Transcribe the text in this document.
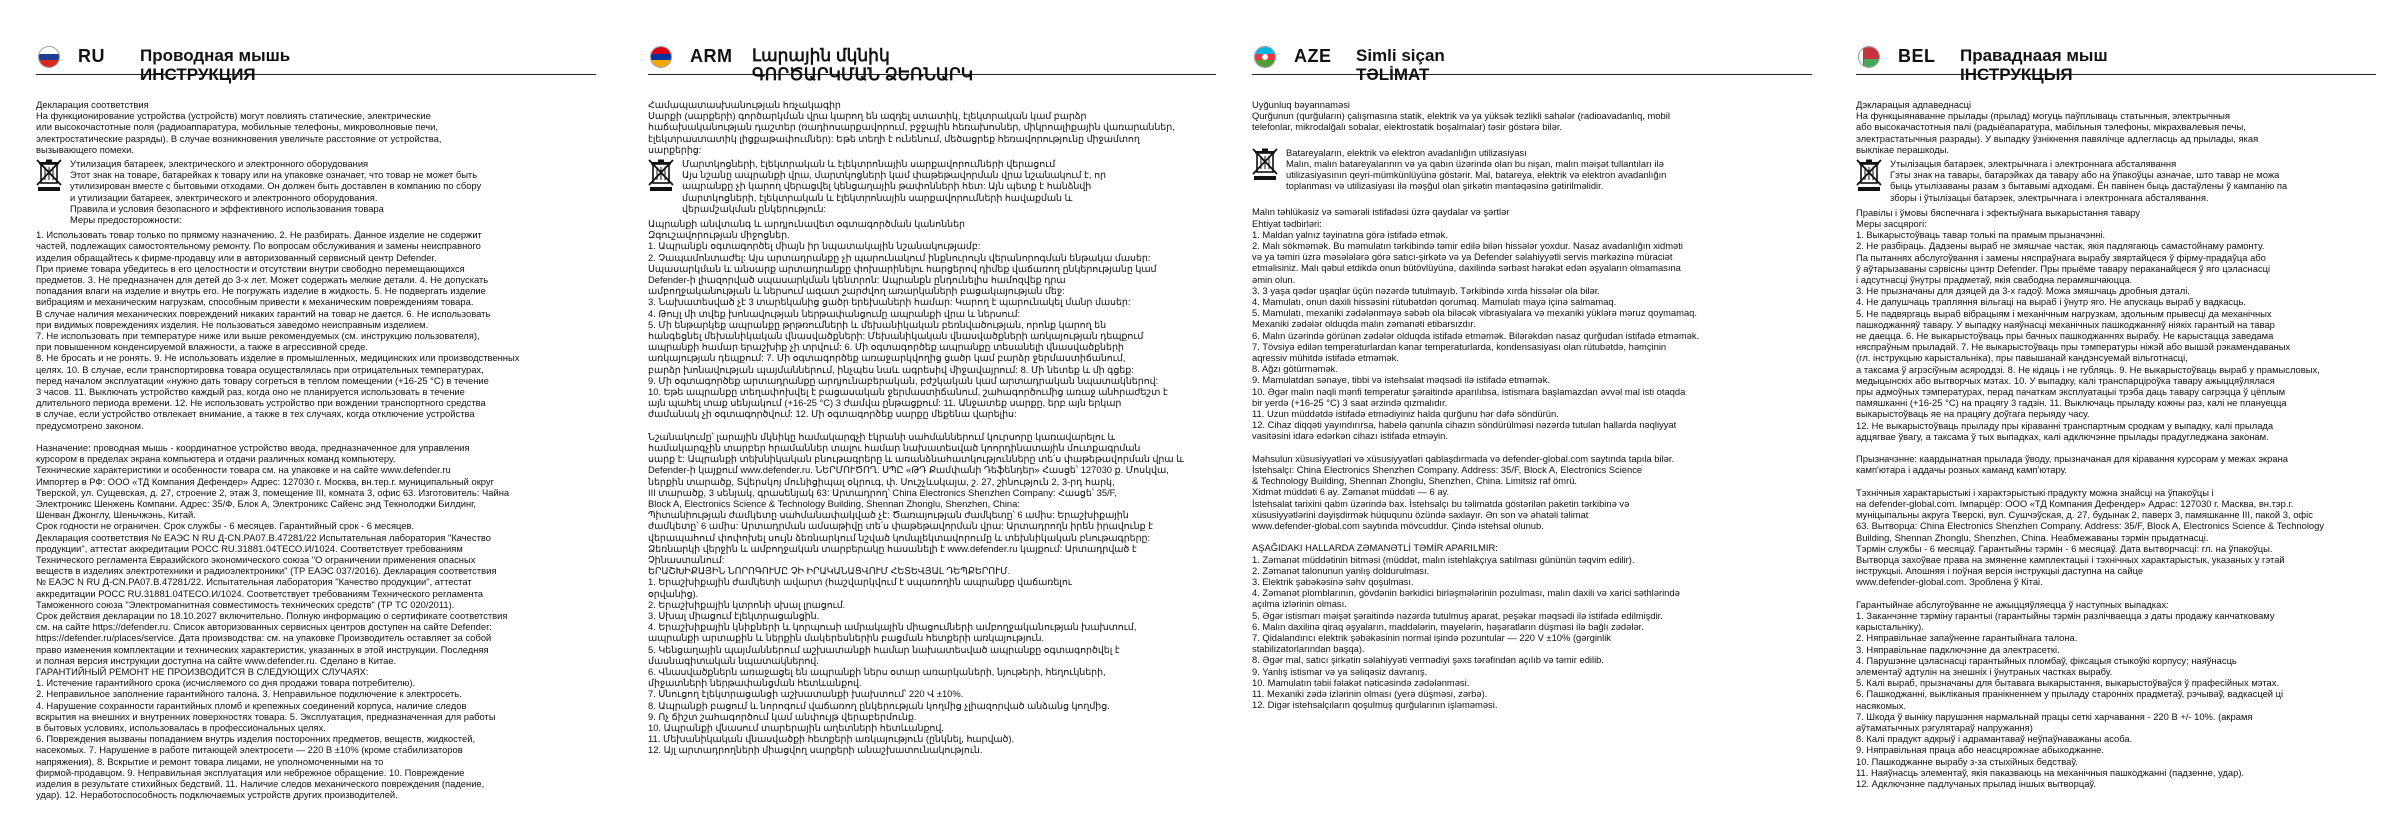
RU Проводная мышь
ИНСТРУКЦИЯ

Декларация соответствия

На функционирование устройства (устройств) могут повлиять статические, электрические

или высокочастотные поля (радиоаппаратура, мобильные телефоны, микроволновые печи,

электростатические разряды). В случае возникновения увеличьте расстояние от устройства,

вызывающего помехи.

Утилизация батареек, электрического и электронного оборудования

Этот знак на товаре, батарейках к товару или на упаковке означает, что товар не может быть

утилизирован вместе с бытовыми отходами. Он должен быть доставлен в компанию по сбору

и утилизации батареек, электрического и электронного оборудования.

Правила и условия безопасного и эффективного использования товара

Меры предосторожности:

1. Использовать товар только по прямому назначению. 2. Не разбирать. Данное изделие не содержит

частей, подлежащих самостоятельному ремонту. По вопросам обслуживания и замены неисправного

изделия обращайтесь к фирме-продавцу или в авторизованный сервисный центр Defender.

При приеме товара убедитесь в его целостности и отсутствии внутри свободно перемещающихся

предметов. 3. Не предназначен для детей до 3-х лет. Может содержать мелкие детали. 4. Не допускать

попадания влаги на изделие и внутрь его. Не погружать изделие в жидкость. 5. Не подвергать изделие

вибрациям и механическим нагрузкам, способным привести к механическим повреждениям товара.

В случае наличия механических повреждений никаких гарантий на товар не дается. 6. Не использовать

при видимых повреждениях изделия. Не пользоваться заведомо неисправным изделием.

7. Не использовать при температуре ниже или выше рекомендуемых (см. инструкцию пользователя),

при повышенном конденсируемой влажности, а также в агрессивной среде.

8. Не бросать и не ронять. 9. Не использовать изделие в промышленных, медицинских или производственных

целях. 10. В случае, если транспортировка товара осуществлялась при отрицательных температурах,

перед началом эксплуатации «нужно дать товару согреться в теплом помещении (+16-25 °С) в течение

3 часов. 11. Выключать устройство каждый раз, когда оно не планируется использовать в течение

длительного периода времени. 12. Не использовать устройство при вождении транспортного средства

в случае, если устройство отвлекает внимание, а также в тех случаях, когда отключение устройства

предусмотрено законом.

Назначение: проводная мышь - координатное устройство ввода, предназначенное для управления

курсором в пределах экрана компьютера и отдачи различных команд компьютеру.

Технические характеристики и особенности товара см. на упаковке и на сайте www.defender.ru

Импортер в РФ: ООО «ТД Компания Дефендер» Адрес: 127030 г. Москва, вн.тер.г. муниципальный округ

Тверской, ул. Сущевская, д. 27, строение 2, этаж 3, помещение III, комната 3, офис 63. Изготовитель: Чайна

Электроникс Шенжень Компани. Адрес: 35/Ф, Блок А, Электроникс Сайенс энд Текнолоджи Билдинг,

Шенван Джонглу, Шеньчжэнь, Китай.

Срок годности не ограничен. Срок службы - 6 месяцев. Гарантийный срок - 6 месяцев.

Декларация соответствия № ЕАЭС N RU Д-CN.РА07.В.47281/22 Испытательная лаборатория "Качество

продукции", аттестат аккредитации РОСС RU.31881.04ТЕСО.И/1024. Соответствует требованиям

Технического регламента Евразийского экономического союза "О ограничении применения опасных

веществ в изделиях электротехники и радиоэлектроники" (ТР ЕАЭС 037/2016). Декларация соответствия

№ ЕАЭС N RU Д-CN.РА07.В.47281/22. Испытательная лаборатория "Качество продукции", аттестат

аккредитации РОСС RU.31881.04ТЕСО.И/1024. Соответствует требованиям Технического регламента

Таможенного союза "Электромагнитная совместимость технических средств" (ТР ТС 020/2011).

Срок действия декларации по 18.10.2027 включительно. Полную информацию о сертификате соответствия

см. на сайте https://defender.ru. Список авторизованных сервисных центров доступен на сайте Defender:

https://defender.ru/places/service. Дата производства: см. на упаковке Производитель оставляет за собой

право изменения комплектации и технических характеристик, указанных в этой инструкции. Последняя

и полная версия инструкции доступна на сайте www.defender.ru. Сделано в Китае.

ГАРАНТИЙНЫЙ РЕМОНТ НЕ ПРОИЗВОДИТСЯ В СЛЕДУЮЩИХ СЛУЧАЯХ:

1. Истечение гарантийного срока (исчисляемого со дня продажи товара потребителю).

2. Неправильное заполнение гарантийного талона. 3. Неправильное подключение к электросеть.

4. Нарушение сохранности гарантийных пломб и крепежных соединений корпуса, наличие следов

вскрытия на внешних и внутренних поверхностях товара. 5. Эксплуатация, предназначенная для работы

в бытовых условиях, использовалась в профессиональных целях.

6. Повреждения вызваны попаданием внутрь изделия посторонних предметов, веществ, жидкостей,

насекомых. 7. Нарушение в работе питающей электросети — 220 В ±10% (кроме стабилизаторов

напряжения). 8. Вскрытие и ремонт товара лицами, не уполномоченными на то

фирмой-продавцом. 9. Неправильная эксплуатация или небрежное обращение. 10. Повреждение

изделия в результате стихийных бедствий. 11. Наличие следов механического повреждения (падение,

удар). 12. Неработоспособность подключаемых устройств других производителей.

ARM Լարային մկնիկ
ԳՈՐԾԱՐԿՄԱՆ ՁԵՌՆԱՐԿ

Համապատասխանության հռչակագիր

Սարքի (սարքերի) գործարկման վրա կարող են ազդել ստատիկ, էլեկտրական կամ բարձր

հաճախականության դաշտեր (ռադիոսարքավորում, բջջային հեռախոսներ, միկրոալիքային վառարաններ,

էլեկտրաստատիկ լիցքաթափումներ): Եթե տեղի է ունենում, մեծացրեք հեռավորությունը միջամտող

սարքերից:

Մարտկոցների, էլեկտրական և էլեկտրոնային սարքավորումների վերացում

Այս նշանը ապրանքի վրա, մարտկոցների կամ փաթեթավորման վրա նշանակում է, որ

ապրանքը չի կարող վերացվել կենցաղային թափոնների հետ: Այն պետք է հանձնվի

մարտկոցների, էլեկտրական և էլեկտրոնային սարքավորումների հավաքման և

վերամշակման ընկերություն:

Ապրանքի անվտանգ և արդյունավետ օգտագործման կանոններ

Զգուշավորության միջոցներ.

1. Ապրանքն օգտագործել միայն իր նպատակային նշանակությամբ:

2. Չապամոնտաժել: Այս արտադրանքը չի պարունակում ինքնուրույն վերանորոգման ենթակա մասեր:

Սպասարկման և անսարք արտադրանքը փոխարինելու հարցերով դիմեք վաճառող ընկերությանը կամ

Defender-ի լիազորված սպասարկման կենտրոն: Ապրանքն ընդունելիս համոզվեք դրա

ամբողջականության և ներսում ազատ շարժվող առարկաների բացակայության մեջ:

3. Նախատեսված չէ 3 տարեկանից ցածր երեխաների համար: Կարող է պարունակել մանր մասեր:

4. Թույլ մի տվեք խոնավության ներթափանցումը ապրանքի վրա և ներսում:

5. Մի ենթարկեք ապրանքը թրթռումների և մեխանիկական բեռնվածության, որոնք կարող են

հանգեցնել մեխանիկական վնասվածքների: Մեխանիկական վնասվածքների առկայության դեպքում

ապրանքի համար երաշխիք չի տրվում: 6. Մի օգտագործեք ապրանքը տեսանելի վնասվածքների

առկայության դեպքում: 7. Մի օգտագործեք առաջարկվողից ցածր կամ բարձր ջերմաստիճանում,

բարձր խոնավության պայմաններում, ինչպես նաև ագրեսիվ միջավայրում: 8. Մի նետեք և մի գցեք:

9. Մի օգտագործեք արտադրանքը արդյունաբերական, բժշկական կամ արտադրական նպատակներով:

10. Եթե ապրանքը տեղափոխվել է բացասական ջերմաստիճանում, շահագործումից առաջ անհրաժեշտ է

այն պահել տաք սենյակում (+16-25 °C) 3 ժամվա ընթացքում: 11. Անջատեք սարքը, երբ այն երկար

ժամանակ չի օգտագործվում: 12. Մի օգտագործեք սարքը մեքենա վարելիս:

Նշանակումը՝ լարային մկնիկը համակարգչի էկրանի սահմաններում կուրսորը կառավարելու և

համակարգչին տարբեր հրամաններ տալու համար նախատեսված կոորդինատային մուտքագրման

սարք է: Ապրանքի տեխնիկական բնութագրերը և առանձնահատկությունները տե՛ս փաթեթավորման վրա և

Defender-ի կայքում www.defender.ru. ՆԵՐՄՈՒԾՈՂ. ՍՊԸ «ԹԴ Քամփանի Դեֆենդեր» Հասցե՝ 127030 ք. Մոսկվա,

ներքին տարածք, Տվերսկոյ մունիցիպալ օկրուգ, փ. Սուշչևսկայա, շ. 27, շինություն 2, 3-րդ հարկ,

III տարածք, 3 սենյակ, գրասենյակ 63: Արտադրող՝ China Electronics Shenzhen Company: Հասցե՝ 35/F,

Block A, Electronics Science & Technology Building, Shennan Zhonglu, Shenzhen, China:

Պիտանիության ժամկետը սահմանափակված չէ: Ծառայության ժամկետը՝ 6 ամիս: Երաշխիքային

ժամկետը՝ 6 ամիս: Արտադրման ամսաթիվը տե՛ս փաթեթավորման վրա: Արտադրողն իրեն իրավունք է

վերապահում փոփոխել սույն ձեռնարկում նշված կոմպլեկտավորումը և տեխնիկական բնութագրերը:

Ձեռնարկի վերջին և ամբողջական տարբերակը հասանելի է www.defender.ru կայքում: Արտադրված է

Չինաստանում:

ԵՐԱՇԽԻՔԱՅԻՆ ՆՈՐՈԳՈՒՄԸ ՉԻ ԻՐԱԿԱՆԱՑՎՈՒՄ ՀԵՏԵՎՅԱԼ ԴԵՊՔԵՐՈՒՄ.

1. Երաշխիքային ժամկետի ավարտ (հաշվարկվում է սպառողին ապրանքը վաճառելու

օրվանից).

2. Երաշխիքային կտրոնի սխալ լրացում.

3. Սխալ միացում էլեկտրացանցին.

4. Երաշխիքային կնիքների և կորպուսի ամրակային միացումների ամբողջականության խախտում,

ապրանքի արտաքին և ներքին մակերեսներին բացման հետքերի առկայություն.

5. Կենցաղային պայմաններում աշխատանքի համար նախատեսված ապրանքը օգտագործվել է

մասնագիտական նպատակներով.

6. Վնասվածքներն առաջացել են ապրանքի ներս օտար առարկաների, նյութերի, հեղուկների,

միջատների ներթափանցման հետևանքով.

7. Սնուցող էլեկտրացանցի աշխատանքի խախտում՝ 220 Վ ±10%.

8. Ապրանքի բացում և նորոգում վաճառող ընկերության կողմից չլիազորված անձանց կողմից.

9. Ոչ ճիշտ շահագործում կամ անփույթ վերաբերմունք.

10. Ապրանքի վնասում տարերային աղետների հետևանքով.

11. Մեխանիկական վնասվածքի հետքերի առկայություն (ընկնել, հարված).

12. Այլ արտադրողների միացվող սարքերի անաշխատունակություն.

AZE Simli siçan
TƏLİMAT

Uyğunluq bəyannaməsi

Qurğunun (qurğuların) çalışmasına statik, elektrik və ya yüksək tezlikli sahələr (radioavadanlıq, mobil

telefonlar, mikrodalğalı sobalar, elektrostatik boşalmalar) təsir göstərə bilər.

Batareyaların, elektrik və elektron avadanlığın utilizasiyası

Malın, malın batareyalarının və ya qabın üzərində olan bu nişan, malın məişət tullantıları ilə

utilizasiyasının qeyri-mümkünlüyünə göstərir. Mal, batareya, elektrik və elektron avadanlığın

toplanması və utilizasiyası ilə məşğul olan şirkətin məntəqəsinə gətirilməlidir.

Malın təhlükəsiz və səmərəli istifadəsi üzrə qaydalar və şərtlər

Ehtiyat tədbirləri:

1. Maldan yalnız təyinatına görə istifadə etmək.

2. Malı sökməmək. Bu məmulatın tərkibində təmir edilə bilən hissələr yoxdur. Nasaz avadanlığın xidməti

və ya təmiri üzrə məsələlərə görə satıcı-şirkətə və ya Defender səlahiyyətli servis mərkəzinə müraciət

etməlisiniz. Malı qəbul etdikdə onun bütövlüyünə, daxilində sərbəst hərəkət edən əşyaların olmamasına

əmin olun.

3. 3 yaşa qədər uşaqlar üçün nəzərdə tutulmayıb. Tərkibində xırda hissələr ola bilər.

4. Mamulatı, onun daxili hissəsini rütubətdən qorumaq. Mamulatı mayə içinə salmamaq.

5. Mamulatı, mexaniki zədələnməyə səbəb ola biləcək vibrasiyalara və mexaniki yüklərə məruz qoymamaq.

Mexaniki zədələr olduqda malın zəmanəti etibarsızdır.

6. Malın üzərində görünən zədələr olduqda istifadə etməmək. Bilərəkdən nasaz qurğudan istifadə etməmək.

7. Tövsiyə edilən temperaturlardan kənar temperaturlarda, kondensasiyası olan rütubətdə, həmçinin

aqressiv mühitdə istifadə etməmək.

8. Ağzı götürməmək.

9. Mamulatdan sənaye, tibbi və istehsalat məqsədi ilə istifadə etməmək.

10. Əgər malın nəqli mənfi temperatur şəraitində aparılıbsa, istismara başlamazdan əvvəl mal isti otaqda

bir yerdə (+16-25 °C) 3 saat ərzində qızmalıdır.

11. Uzun müddətdə istifadə etmədiyiniz halda qurğunu hər dəfə söndürün.

12. Cihaz diqqəti yayındırırsa, habelə qanunla cihazın söndürülməsi nəzərdə tutulan hallarda nəqliyyat

vasitəsini idarə edərkən cihazı istifadə etməyin.

Məhsulun xüsusiyyətləri və xüsusiyyətləri qablaşdırmada və defender-global.com saytında tapıla bilər.

İstehsalçı: China Electronics Shenzhen Company. Address: 35/F, Block A, Electronics Science

& Technology Building, Shennan Zhonglu, Shenzhen, China. Limitsiz raf ömrü.

Xidmət müddəti 6 ay. Zəmanət müddəti — 6 ay.

İstehsalat tarixini qabın üzərində bax. İstehsalçı bu təlimatda göstərilən paketin tərkibinə və

xüsusiyyətlərini dəyişdirmək hüququnu özündə saxlayır. Ən son və əhatəli təlimat

www.defender-global.com saytında mövcuddur. Çində istehsal olunub.

AŞAĞIDAKI HALLARDA ZƏMANƏTLİ TƏMİR APARILMIR:

1. Zəmanət müddətinin bitməsi (müddət, malın istehlakçıya satılması gününün təqvim edilir).

2. Zəmanət talonunun yanlış doldurulması.

3. Elektrik şəbəkəsinə səhv qoşulması.

4. Zəmanət plomblarının, gövdənin bərkidici birləşmələrinin pozulması, malın daxili və xarici səthlərində

açılma izlərinin olması.

5. Əgər istismarı məişət şəraitində nəzərdə tutulmuş aparat, peşəkar məqsədi ilə istifadə edilmişdir.

6. Malın daxilinə qiraq əşyaların, maddələrin, mayelərin, həşəratların düşməsi ilə bağlı zədələr.

7. Qidalandırıcı elektrik şəbəkəsinin normal işində pozuntular — 220 V ±10% (gərginlik

stabilizatorlarından başqa).

8. Əgər mal, satıcı şirkətin səlahiyyəti vermədiyi şəxs tərəfindən açılıb və təmir edilib.

9. Yanlış istismar və ya səliqəsiz davranış.

10. Mamulatın təbii fəlakət nəticəsində zədələnməsi.

11. Mexaniki zədə izlərinin olması (yerə düşməsi, zərbə).

12. Digər istehsalçıların qoşulmuş qurğularının işləməməsi.

BEL Праваднаая мыш
ІНСТРУКЦЫЯ

Дэкларацыя адпаведнасці

На функцыянаванне прылады (прылад) могуць паўплываць статычныя, электрычныя

або высокачастотныя палі (радыёапаратура, мабільныя тэлефоны, мікрахвалевыя печы,

электрастатычныя разрады). У выпадку ўзнікнення павялічце адлегласць ад прылады, якая

выклікае перашкоды.

Утылізацыя батарэек, электрычнага і электроннага абсталявання

Гэты знак на тавары, батарэйках да тавару або на ўпакоўцы азначае, што тавар не можа

быць утылізаваны разам з бытавымі адходамі. Ён павінен быць дастаўлены ў кампанію па

зборы і ўтылізацыі батарэек, электрычнага і электроннага абсталявання.

Правілы і ўмовы бяспечнага і эфектыўнага выкарыстання тавару

Меры засцярогі:

1. Выкарыстоўваць тавар толькі па прамым прызначэнні.

2. Не разбіраць. Дадзены выраб не змяшчае частак, якія падлягаюць самастойнаму рамонту.

Па пытаннях абслугоўвання і замены няспраўнага вырабу звяртайцеся ў фірму-прадаўца або

ў аўтарызаваны сэрвісны цэнтр Defender. Пры прыёме тавару пераканайцеся ў яго цэласнасці

і адсутнасці ўнутры прадметаў, якія свабодна перамяшчаюцца.

3. Не прызначаны для дзяцей да 3-х гадоў. Можа змяшчаць дробныя дэталі.

4. Не дапушчаць трапляння вільгаці на выраб і ўнутр яго. Не апускаць выраб у вадкасць.

5. Не падвяргаць выраб вібрацыям і механічным нагрузкам, здольным прывесці да механічных

пашкоджанняў тавару. У выпадку наяўнасці механічных пашкоджанняў ніякіх гарантый на тавар

не даецца. 6. Не выкарыстоўваць пры бачных пашкоджаннях вырабу. Не карыстацца заведама

няспраўным прыладай. 7. Не выкарыстоўваць пры тэмпературы ніжэй або вышэй рэкамендаваных

(гл. інструкцыю карыстальніка), пры павышанай кандэнсуемай вільготнасці,

а таксама ў агрэсіўным асяроддзі. 8. Не кідаць і не губляць. 9. Не выкарыстоўваць выраб у прамысловых,

медыцынскіх або вытворчых мэтах. 10. У выпадку, калі транспарціроўка тавару ажыццяўлялася

пры адмоўных тэмпературах, перад пачаткам эксплуатацыі трэба даць тавару сагрэцца ў цёплым

памяшканні (+16-25 °С) на працягу 3 гадзін. 11. Выключаць прыладу кожны раз, калі не плануецца

выкарыстоўваць яе на працягу доўгага перыяду часу.

12. Не выкарыстоўваць прыладу пры кіраванні транспартным сродкам у выпадку, калі прылада

адцягвае ўвагу, а таксама ў тых выпадках, калі адключэнне прылады прадугледжана законам.

Прызначэнне: каардынатная прылада ўводу, прызначаная для кіравання курсорам у межах экрана

камп'ютара і аддачы розных каманд камп'ютару.

Тэхнічныя характарыстыкі і характэрыстыкі прадукту можна знайсці на ўпакоўцы і

на defender-global.com. Імпарцёр: ООО «ТД Компания Дефендер» Адрас: 127030 г. Масква, вн.тэр.г.

муніцыпальны акруга Тверскі, вул. Сушчэўская, д. 27, будынак 2, паверх 3, памяшканне III, пакой 3, офіс

63. Вытворца: China Electronics Shenzhen Company. Address: 35/F, Block A, Electronics Science & Technology

Building, Shennan Zhonglu, Shenzhen, China. Неабмежаваны тэрмін прыдатнасці.

Тэрмін службы - 6 месяцаў. Гарантыйны тэрмін - 6 месяцаў. Дата вытворчасці: гл. на ўпакоўцы.

Вытворца захоўвае права на змяненне камплектацыі і тэхнічных характарыстык, указаных у гэтай

інструкцыі. Апошняя і поўная версія інструкцыі даступна на сайце

www.defender-global.com. Зроблена ў Кітаі.

Гарантыйнае абслугоўванне не ажыццяўляецца ў наступных выпадках:

1. Заканчэнне тэрміну гарантыі (гарантыйны тэрмін разлічваецца з даты продажу канчатковаму

карыстальніку).

2. Няправільнае запаўненне гарантыйнага талона.

3. Няправільнае падключэнне да электрасеткі.

4. Парушэнне цэласнасці гарантыйных пломбаў, фіксацыя стыкоўкі корпусу; наяўнасць

элементаў адтулін на знешніх і ўнутраных частках вырабу.

5. Калі выраб, прызначаны для бытавага выкарыстання, выкарыстоўваўся ў прафесійных мэтах.

6. Пашкоджанні, выкліканыя пранікненнем у прыладу старонніх прадметаў, рэчываў, вадкасцей ці

насякомых.

7. Шкода ў выніку парушэння нармальнай працы сеткі харчавання - 220 В +/- 10%. (акрамя

аўтаматычных рэгулятараў напружання)

8. Калі прадукт адкрыў і адрамантаваў неўпаўнаважаны асоба.

9. Няправільная праца або неасцярожнае абыходжанне.

10. Пашкоджанне вырабу з-за стыхійных бедстваў.

11. Наяўнасць элементаў, якія паказваюць на механічныя пашкоджанні (падзенне, удар).

12. Адключэнне падлучаных прылад іншых вытворцаў.
